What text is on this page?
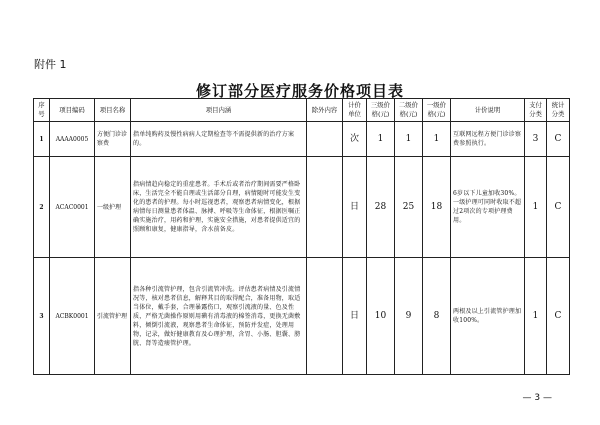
附件 1
修订部分医疗服务价格项目表
序号	项目编码	项目名称	项目内涵	除外内容	计价单位	三级价格(元)	二级价格(元)	一级价格(元)	计价说明	支付分类	统计分类
1	AAAA0005	方便门诊诊察费	指单纯购药及慢性病病人定期检查等不需提供新的治疗方案的。		次	1	1	1	互联网远程方便门诊诊察费参照执行。	3	C
2	ACAC0001	一级护理	指病情趋向稳定的重症患者。手术后或者治疗期间需要严格卧床，生活完全不能自理或生活部分自理，病情随时可能发生变化的患者的护理。每小时巡视患者，观察患者病情变化，根据病情每日测量患者体温、脉搏、呼吸等生命体征，根据医嘱正确实施治疗，用药和护理，实施安全措施，对患者提供适宜的照顾和康复，健康指导，含水前备皮。		日	28	25	18	6岁以下儿童加收30%。一级护理可同时收取不超过2项次的专项护理费用。	1	C
3	ACBK0001	引流管护理	指各种引流管护理，包含引流管冲洗。评估患者病情及引流情况等，核对患者信息，解释其目的取得配合，准备用物，取适当体位，戴手套，合理暴露伤口，观察引流液的量、色及性质，严格无菌操作原则用碘有消毒液的棉签消毒，更换无菌敷料，倾倒引流液，观察患者生命体征，预防并发症，处理用物，记录，做好健康教育及心理护理，含胃、小肠、胆囊、膀胱、肾等造瘘管护理。		日	10	9	8	两根及以上引流管护理加收100%。	1	C
— 3 —
